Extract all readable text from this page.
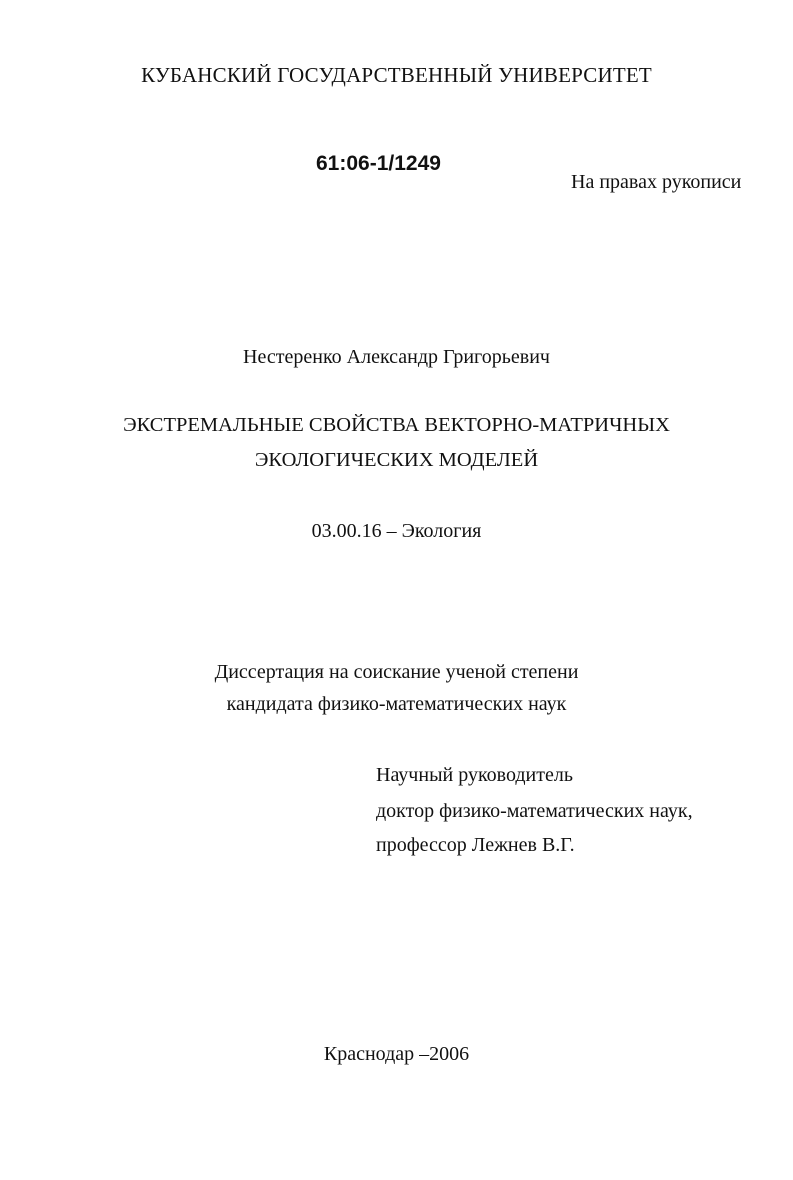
КУБАНСКИЙ ГОСУДАРСТВЕННЫЙ УНИВЕРСИТЕТ
61:06-1/1249
На правах рукописи
Нестеренко Александр Григорьевич
ЭКСТРЕМАЛЬНЫЕ СВОЙСТВА ВЕКТОРНО-МАТРИЧНЫХ
ЭКОЛОГИЧЕСКИХ МОДЕЛЕЙ
03.00.16 – Экология
Диссертация на соискание ученой степени
кандидата физико-математических наук
Научный руководитель
доктор физико-математических наук,
профессор Лежнев В.Г.
Краснодар –2006
